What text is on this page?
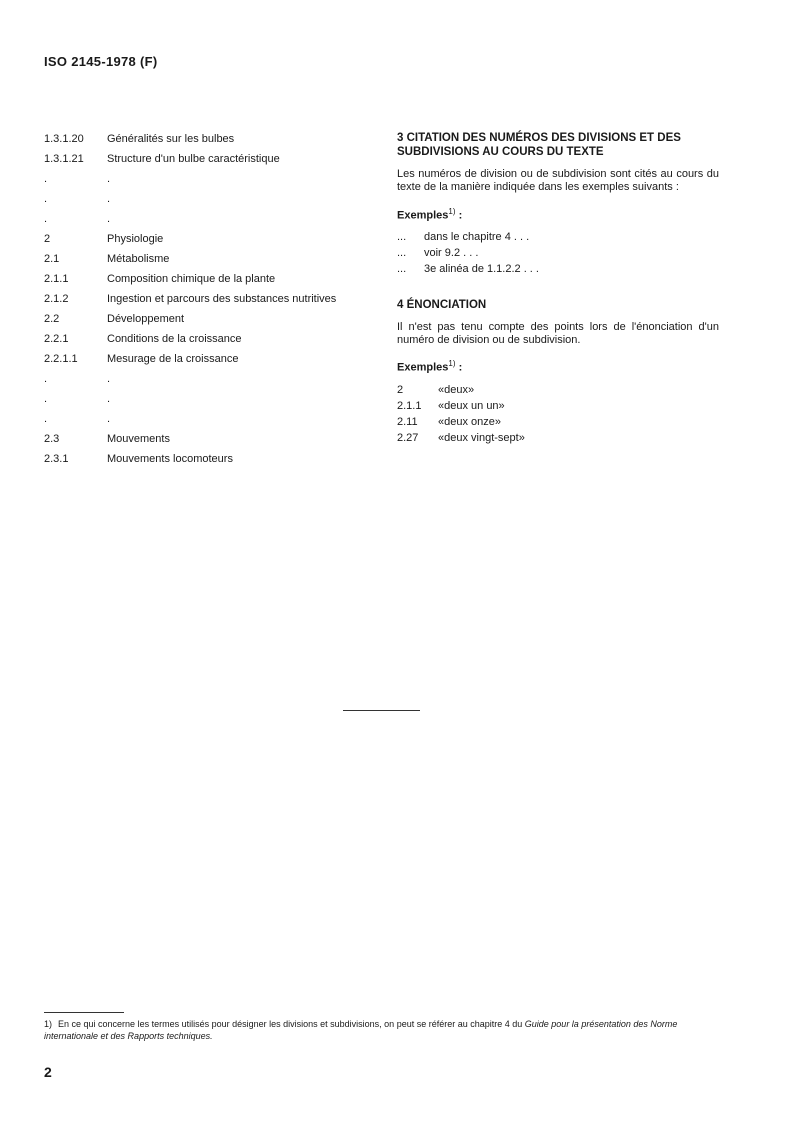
ISO 2145-1978 (F)
1.3.1.20 Généralités sur les bulbes
1.3.1.21 Structure d'un bulbe caractéristique
.	.
.	.
.	.
2	Physiologie
2.1	Métabolisme
2.1.1	Composition chimique de la plante
2.1.2	Ingestion et parcours des substances nutritives
2.2	Développement
2.2.1	Conditions de la croissance
2.2.1.1	Mesurage de la croissance
.	.
.	.
.	.
2.3	Mouvements
2.3.1	Mouvements locomoteurs
3 CITATION DES NUMÉROS DES DIVISIONS ET DES
SUBDIVISIONS AU COURS DU TEXTE

Les numéros de division ou de subdivision sont cités au cours du texte de la manière indiquée dans les exemples suivants :

Exemples$^{1)}$ :
... dans le chapitre 4 . . .
... voir 9.2 . . .
... 3e alinéa de 1.1.2.2 . . .
4 ÉNONCIATION

Il n'est pas tenu compte des points lors de l'énonciation d'un numéro de division ou de subdivision.

Exemples$^{1)}$ :
2	«deux»
2.1.1 «deux un un»
2.11 «deux onze»
2.27 «deux vingt-sept»
1) En ce qui concerne les termes utilisés pour désigner les divisions et subdivisions, on peut se référer au chapitre 4 du Guide pour la présentation des Norme internationale et des Rapports techniques.
2
